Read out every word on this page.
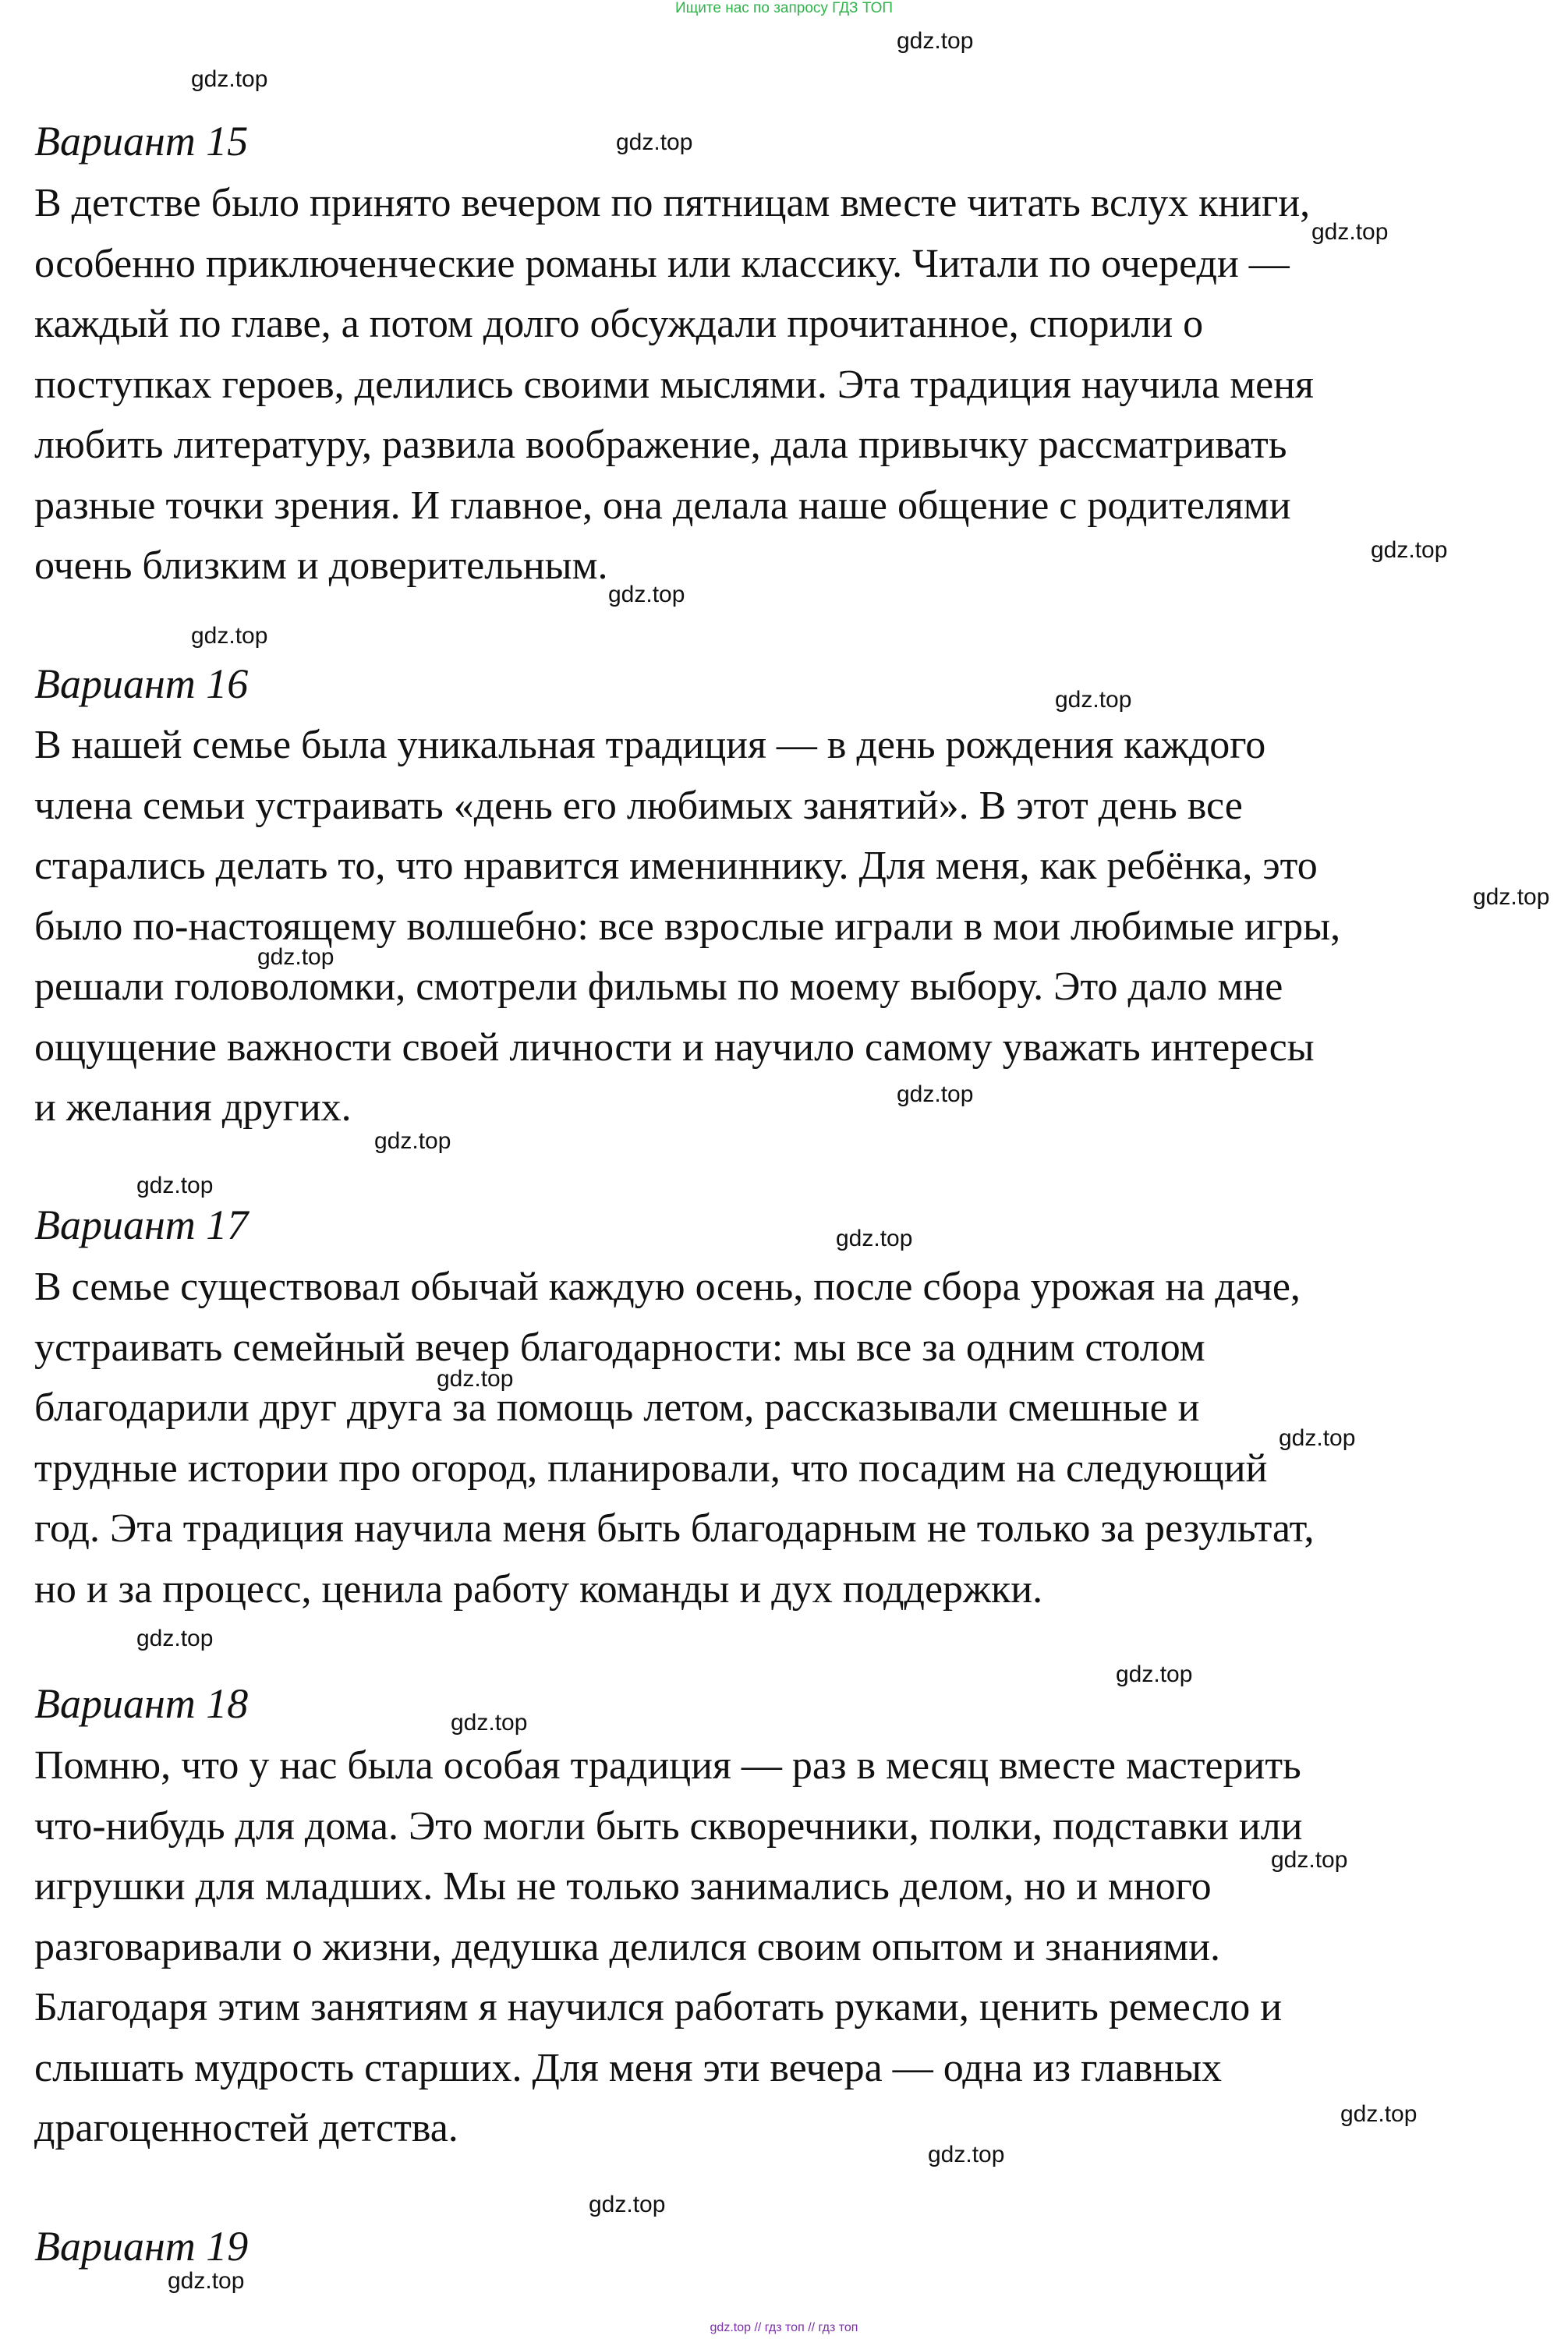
Ищите нас по запросу ГДЗ ТОП
gdz.top
gdz.top
gdz.top
gdz.top
gdz.top
gdz.top
gdz.top
gdz.top
gdz.top
gdz.top
gdz.top
gdz.top
gdz.top
gdz.top
gdz.top
gdz.top
gdz.top
gdz.top
gdz.top
gdz.top
gdz.top
gdz.top
gdz.top
gdz.top
Вариант 15
В детстве было принято вечером по пятницам вместе читать вслух книги,
особенно приключенческие романы или классику. Читали по очереди —
каждый по главе, а потом долго обсуждали прочитанное, спорили о
поступках героев, делились своими мыслями. Эта традиция научила меня
любить литературу, развила воображение, дала привычку рассматривать
разные точки зрения. И главное, она делала наше общение с родителями
очень близким и доверительным.
Вариант 16
В нашей семье была уникальная традиция — в день рождения каждого
члена семьи устраивать «день его любимых занятий». В этот день все
старались делать то, что нравится имениннику. Для меня, как ребёнка, это
было по-настоящему волшебно: все взрослые играли в мои любимые игры,
решали головоломки, смотрели фильмы по моему выбору. Это дало мне
ощущение важности своей личности и научило самому уважать интересы
и желания других.
Вариант 17
В семье существовал обычай каждую осень, после сбора урожая на даче,
устраивать семейный вечер благодарности: мы все за одним столом
благодарили друг друга за помощь летом, рассказывали смешные и
трудные истории про огород, планировали, что посадим на следующий
год. Эта традиция научила меня быть благодарным не только за результат,
но и за процесс, ценила работу команды и дух поддержки.
Вариант 18
Помню, что у нас была особая традиция — раз в месяц вместе мастерить
что-нибудь для дома. Это могли быть скворечники, полки, подставки или
игрушки для младших. Мы не только занимались делом, но и много
разговаривали о жизни, дедушка делился своим опытом и знаниями.
Благодаря этим занятиям я научился работать руками, ценить ремесло и
слышать мудрость старших. Для меня эти вечера — одна из главных
драгоценностей детства.
Вариант 19
gdz.top // гдз топ // гдз топ
